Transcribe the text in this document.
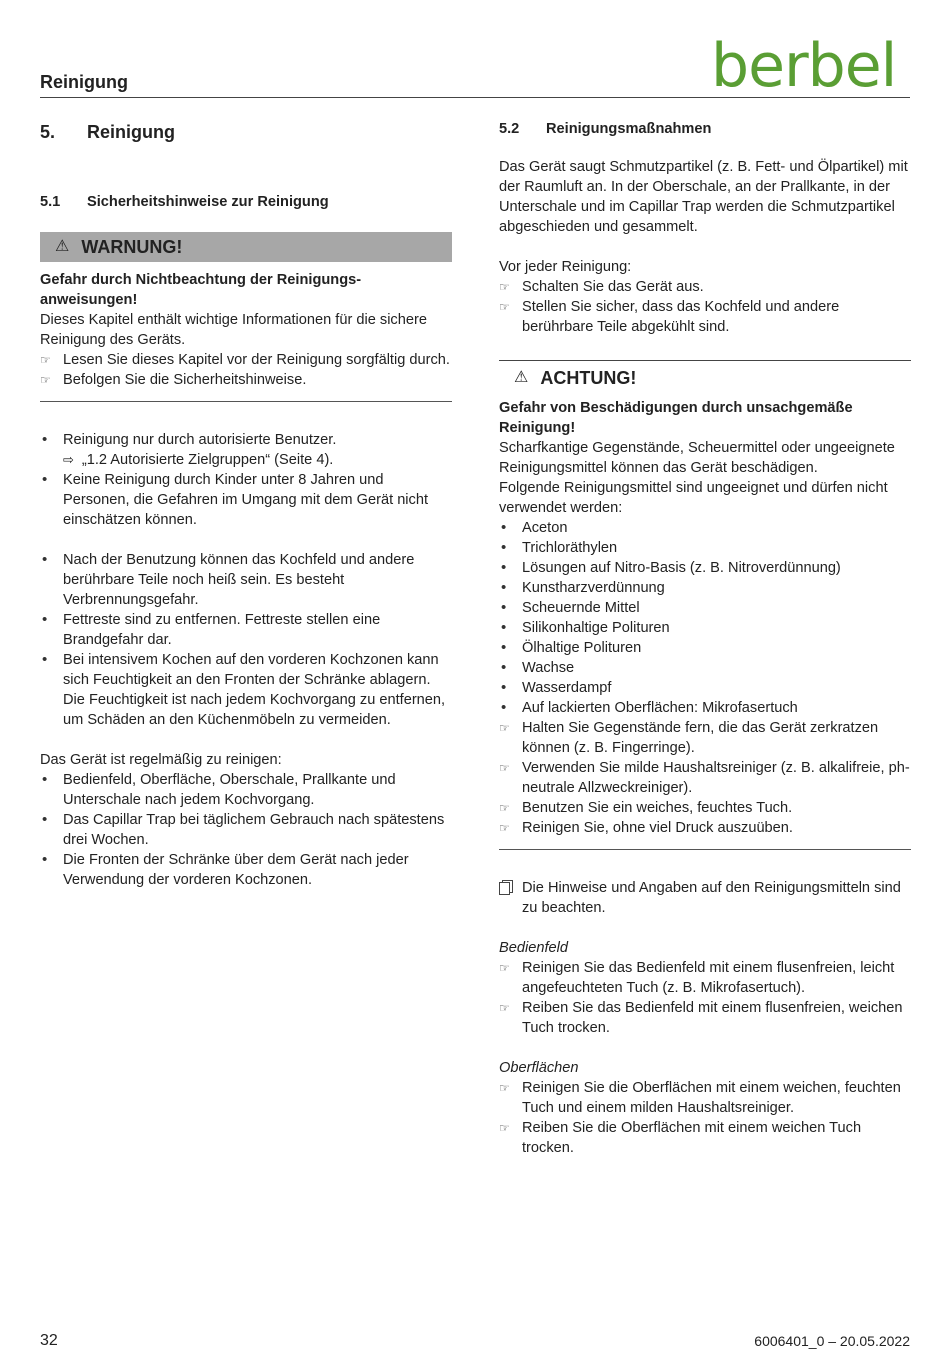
Reinigung	berbel
5.	Reinigung
5.1	Sicherheitshinweise zur Reinigung
⚠ WARNUNG!

Gefahr durch Nichtbeachtung der Reinigungs-
anweisungen!

Dieses Kapitel enthält wichtige Informationen für die sichere Reinigung des Geräts.

☞ Lesen Sie dieses Kapitel vor der Reinigung sorgfältig durch.
☞ Befolgen Sie die Sicherheitshinweise.
•	Reinigung nur durch autorisierte Benutzer.
⇨ „1.2 Autorisierte Zielgruppen“ (Seite 4).
•	Keine Reinigung durch Kinder unter 8 Jahren und Personen, die Gefahren im Umgang mit dem Gerät nicht einschätzen können.
•	Nach der Benutzung können das Kochfeld und andere berührbare Teile noch heiß sein. Es besteht Verbrennungsgefahr.
•	Fettreste sind zu entfernen. Fettreste stellen eine Brandgefahr dar.
•	Bei intensivem Kochen auf den vorderen Kochzonen kann sich Feuchtigkeit an den Fronten der Schränke ablagern. Die Feuchtigkeit ist nach jedem Kochvorgang zu entfernen, um Schäden an den Küchenmöbeln zu vermeiden.

Das Gerät ist regelmäßig zu reinigen:

•	Bedienfeld, Oberfläche, Oberschale, Prallkante und Unterschale nach jedem Kochvorgang.
•	Das Capillar Trap bei täglichem Gebrauch nach spätestens drei Wochen.
•	Die Fronten der Schränke über dem Gerät nach jeder Verwendung der vorderen Kochzonen.
5.2	Reinigungsmaßnahmen

Das Gerät saugt Schmutzpartikel (z. B. Fett- und Ölpartikel) mit der Raumluft an. In der Oberschale, an der Prallkante, in der Unterschale und im Capillar Trap werden die Schmutzpartikel abgeschieden und gesammelt.

Vor jeder Reinigung:

☞ Schalten Sie das Gerät aus.
☞ Stellen Sie sicher, dass das Kochfeld und andere berührbare Teile abgekühlt sind.
⚠ ACHTUNG!

Gefahr von Beschädigungen durch unsachgemäße Reinigung!

Scharfkantige Gegenstände, Scheuermittel oder ungeeignete Reinigungsmittel können das Gerät beschädigen.

Folgende Reinigungsmittel sind ungeeignet und dürfen nicht verwendet werden:

•	Aceton
•	Trichloräthylen
•	Lösungen auf Nitro-Basis (z. B. Nitroverdünnung)
•	Kunstharzverdünnung
•	Scheuernde Mittel
•	Silikonhaltige Polituren
•	Ölhaltige Polituren
•	Wachse
•	Wasserdampf
•	Auf lackierten Oberflächen: Mikrofasertuch
☞ Halten Sie Gegenstände fern, die das Gerät zerkratzen können (z. B. Fingerringe).
☞ Verwenden Sie milde Haushaltsreiniger (z. B. alkalifreie, ph-neutrale Allzweckreiniger).
☞ Benutzen Sie ein weiches, feuchtes Tuch.
☞ Reinigen Sie, ohne viel Druck auszuüben.
Die Hinweise und Angaben auf den Reinigungsmitteln sind zu beachten.

Bedienfeld

☞ Reinigen Sie das Bedienfeld mit einem flusenfreien, leicht angefeuchteten Tuch (z. B. Mikrofasertuch).
☞ Reiben Sie das Bedienfeld mit einem flusenfreien, weichen Tuch trocken.

Oberflächen

☞ Reinigen Sie die Oberflächen mit einem weichen, feuchten Tuch und einem milden Haushaltsreiniger.
☞ Reiben Sie die Oberflächen mit einem weichen Tuch trocken.
32	6006401_0 – 20.05.2022
